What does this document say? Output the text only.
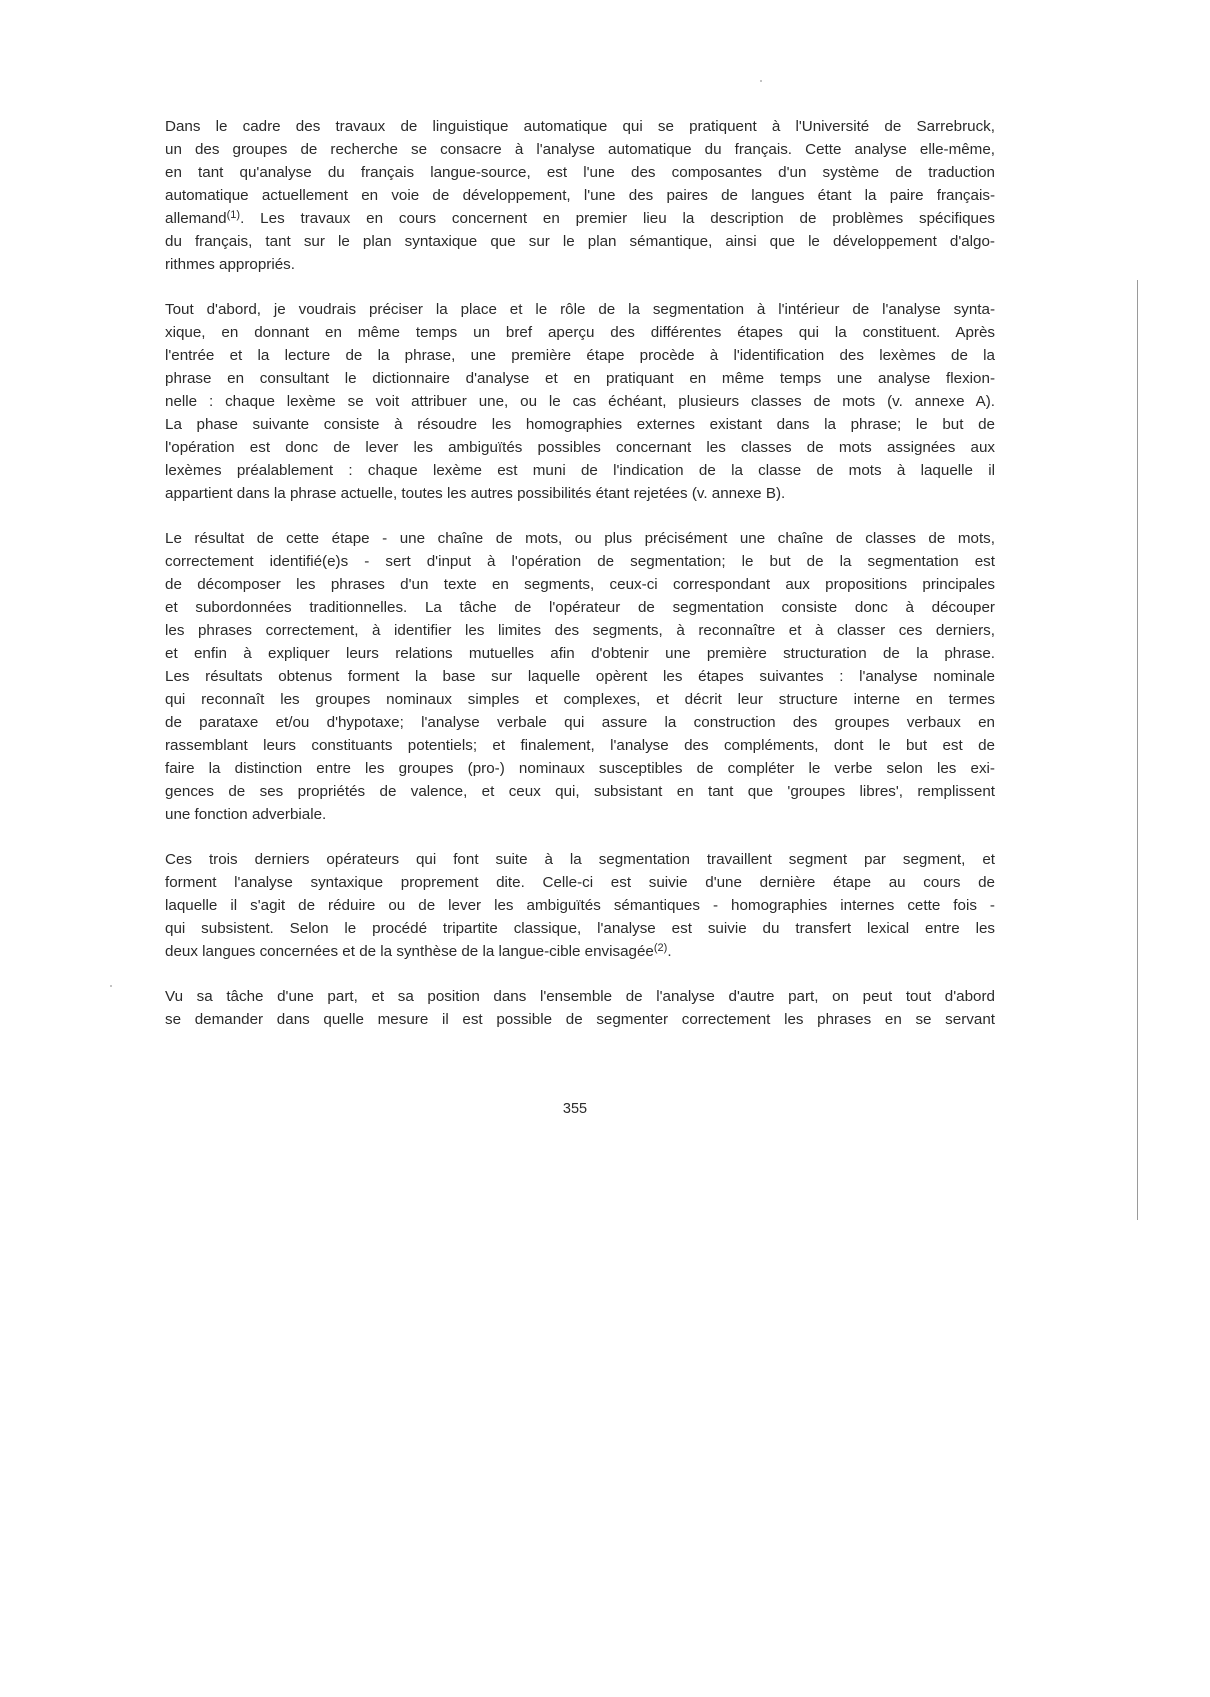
Dans le cadre des travaux de linguistique automatique qui se pratiquent à l'Université de Sarrebruck,
un des groupes de recherche se consacre à l'analyse automatique du français. Cette analyse elle-même,
en tant qu'analyse du français langue-source, est l'une des composantes d'un système de traduction
automatique actuellement en voie de développement, l'une des paires de langues étant la paire français-
allemand$^{(1)}$. Les travaux en cours concernent en premier lieu la description de problèmes spécifiques
du français, tant sur le plan syntaxique que sur le plan sémantique, ainsi que le développement d'algo-
rithmes appropriés.
Tout d'abord, je voudrais préciser la place et le rôle de la segmentation à l'intérieur de l'analyse synta-
xique, en donnant en même temps un bref aperçu des différentes étapes qui la constituent. Après
l'entrée et la lecture de la phrase, une première étape procède à l'identification des lexèmes de la
phrase en consultant le dictionnaire d'analyse et en pratiquant en même temps une analyse flexion-
nelle : chaque lexème se voit attribuer une, ou le cas échéant, plusieurs classes de mots (v. annexe A).
La phase suivante consiste à résoudre les homographies externes existant dans la phrase; le but de
l'opération est donc de lever les ambiguïtés possibles concernant les classes de mots assignées aux
lexèmes préalablement : chaque lexème est muni de l'indication de la classe de mots à laquelle il
appartient dans la phrase actuelle, toutes les autres possibilités étant rejetées (v. annexe B).
Le résultat de cette étape - une chaîne de mots, ou plus précisément une chaîne de classes de mots,
correctement identifié(e)s - sert d'input à l'opération de segmentation; le but de la segmentation est
de décomposer les phrases d'un texte en segments, ceux-ci correspondant aux propositions principales
et subordonnées traditionnelles. La tâche de l'opérateur de segmentation consiste donc à découper
les phrases correctement, à identifier les limites des segments, à reconnaître et à classer ces derniers,
et enfin à expliquer leurs relations mutuelles afin d'obtenir une première structuration de la phrase.
Les résultats obtenus forment la base sur laquelle opèrent les étapes suivantes : l'analyse nominale
qui reconnaît les groupes nominaux simples et complexes, et décrit leur structure interne en termes
de parataxe et/ou d'hypotaxe; l'analyse verbale qui assure la construction des groupes verbaux en
rassemblant leurs constituants potentiels; et finalement, l'analyse des compléments, dont le but est de
faire la distinction entre les groupes (pro-) nominaux susceptibles de compléter le verbe selon les exi-
gences de ses propriétés de valence, et ceux qui, subsistant en tant que 'groupes libres', remplissent
une fonction adverbiale.
Ces trois derniers opérateurs qui font suite à la segmentation travaillent segment par segment, et
forment l'analyse syntaxique proprement dite. Celle-ci est suivie d'une dernière étape au cours de
laquelle il s'agit de réduire ou de lever les ambiguïtés sémantiques - homographies internes cette fois -
qui subsistent. Selon le procédé tripartite classique, l'analyse est suivie du transfert lexical entre les
deux langues concernées et de la synthèse de la langue-cible envisagée$^{(2)}$.
Vu sa tâche d'une part, et sa position dans l'ensemble de l'analyse d'autre part, on peut tout d'abord
se demander dans quelle mesure il est possible de segmenter correctement les phrases en se servant
355
